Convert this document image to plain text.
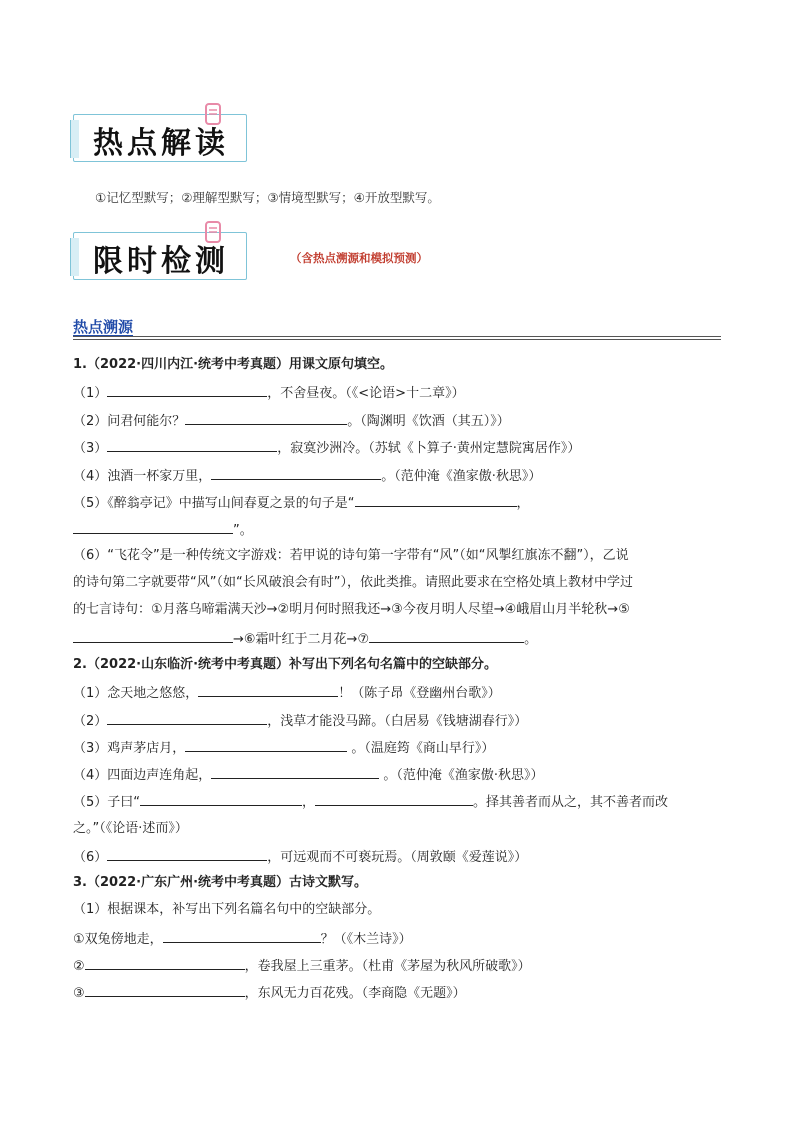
热点解读
①记忆型默写；②理解型默写；③情境型默写；④开放型默写。
限时检测	（含热点溯源和模拟预测）
热点溯源
1.（2022·四川内江·统考中考真题）用课文原句填空。
（1）	，不舍昼夜。（《<论语>十二章》）
（2）问君何能尔？	。（陶渊明《饮酒（其五）》）
（3）	，寂寞沙洲冷。（苏轼《卜算子·黄州定慧院寓居作》）
（4）浊酒一杯家万里，	。（范仲淹《渔家傲·秋思》）
（5）《醉翁亭记》中描写山间春夏之景的句子是“	，
”。
（6）“飞花令”是一种传统文字游戏：若甲说的诗句第一字带有“风”（如“风掣红旗冻不翻”），乙说
的诗句第二字就要带“风”（如“长风破浪会有时”），依此类推。请照此要求在空格处填上教材中学过
的七言诗句：①月落乌啼霜满天沙→②明月何时照我还→③今夜月明人尽望→④峨眉山月半轮秋→⑤
→⑥霜叶红于二月花→⑦	。
2.（2022·山东临沂·统考中考真题）补写出下列名句名篇中的空缺部分。
（1）念天地之悠悠，	！（陈子昂《登幽州台歌》）
（2）	，浅草才能没马蹄。（白居易《钱塘湖春行》）
（3）鸡声茅店月，	。（温庭筠《商山早行》）
（4）四面边声连角起，	。（范仲淹《渔家傲·秋思》）
（5）子曰“	，	。择其善者而从之，其不善者而改
之。”（《论语·述而》）
（6）	，可远观而不可亵玩焉。（周敦颐《爱莲说》）
3.（2022·广东广州·统考中考真题）古诗文默写。
（1）根据课本，补写出下列名篇名句中的空缺部分。
①双兔傍地走，	？（《木兰诗》）
②	，卷我屋上三重茅。（杜甫《茅屋为秋风所破歌》）
③	，东风无力百花残。（李商隐《无题》）
